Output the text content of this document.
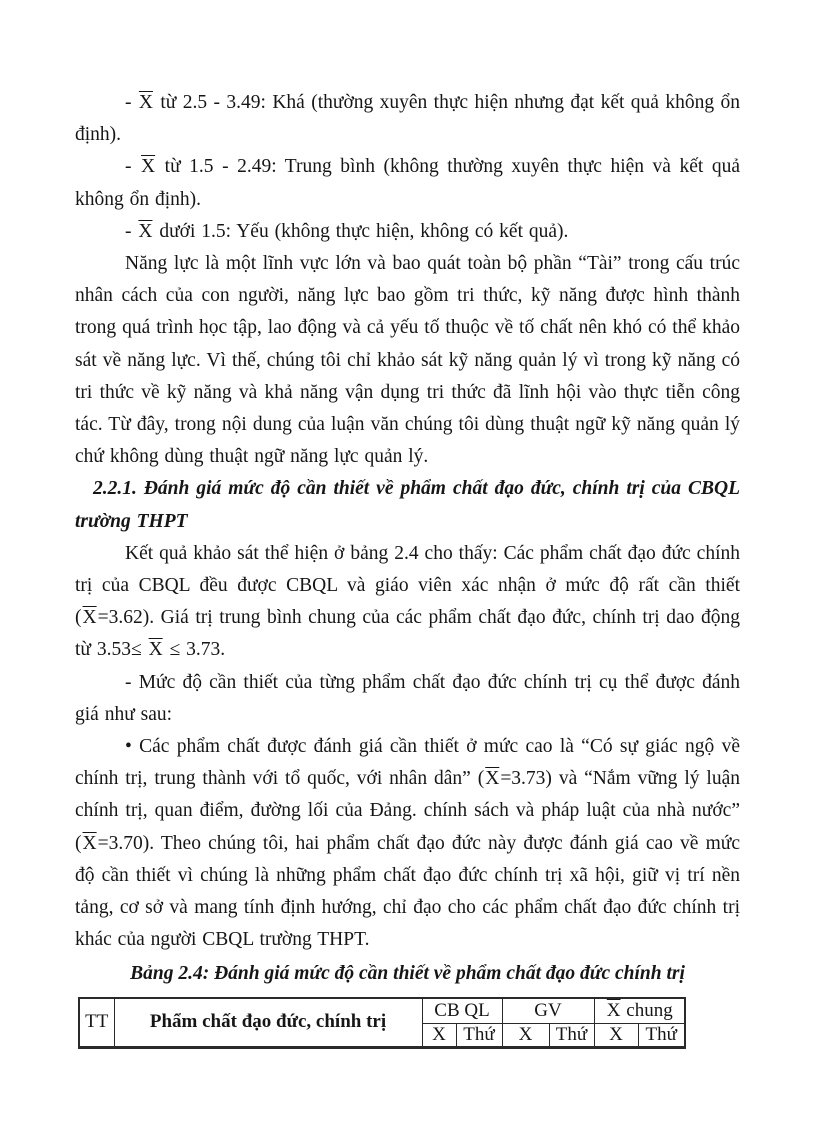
- $\overline{X}$ từ 2.5 - 3.49: Khá (thường xuyên thực hiện nhưng đạt kết quả không ổn định).

- $\overline{X}$ từ 1.5 - 2.49: Trung bình (không thường xuyên thực hiện và kết quả không ổn định).

- $\overline{X}$ dưới 1.5: Yếu (không thực hiện, không có kết quả).

Năng lực là một lĩnh vực lớn và bao quát toàn bộ phần “Tài” trong cấu trúc nhân cách của con người, năng lực bao gồm tri thức, kỹ năng được hình thành trong quá trình học tập, lao động và cả yếu tố thuộc về tố chất nên khó có thể khảo sát về năng lực. Vì thế, chúng tôi chỉ khảo sát kỹ năng quản lý vì trong kỹ năng có tri thức về kỹ năng và khả năng vận dụng tri thức đã lĩnh hội vào thực tiễn công tác. Từ đây, trong nội dung của luận văn chúng tôi dùng thuật ngữ kỹ năng quản lý chứ không dùng thuật ngữ năng lực quản lý.

2.2.1. Đánh giá mức độ cần thiết về phẩm chất đạo đức, chính trị của CBQL trường THPT

Kết quả khảo sát thể hiện ở bảng 2.4 cho thấy: Các phẩm chất đạo đức chính trị của CBQL đều được CBQL và giáo viên xác nhận ở mức độ rất cần thiết $(\overline{X}=3.62)$. Giá trị trung bình chung của các phẩm chất đạo đức, chính trị dao động từ $3.53\le \overline{X} \le 3.73$.

- Mức độ cần thiết của từng phẩm chất đạo đức chính trị cụ thể được đánh giá như sau:

• Các phẩm chất được đánh giá cần thiết ở mức cao là “Có sự giác ngộ về chính trị, trung thành với tổ quốc, với nhân dân” $(\overline{X}=3.73)$ và “Nắm vững lý luận chính trị, quan điểm, đường lối của Đảng. chính sách và pháp luật của nhà nước” $(\overline{X}=3.70)$. Theo chúng tôi, hai phẩm chất đạo đức này được đánh giá cao về mức độ cần thiết vì chúng là những phẩm chất đạo đức chính trị xã hội, giữ vị trí nền tảng, cơ sở và mang tính định hướng, chỉ đạo cho các phẩm chất đạo đức chính trị khác của người CBQL trường THPT.

Bảng 2.4: Đánh giá mức độ cần thiết về phẩm chất đạo đức chính trị

TT	Phẩm chất đạo đức, chính trị	CB QL		GV		$\overline{X}$ chung	
		$\overline{X}$	Thứ	$\overline{X}$	Thứ	$\overline{X}$	Thứ
